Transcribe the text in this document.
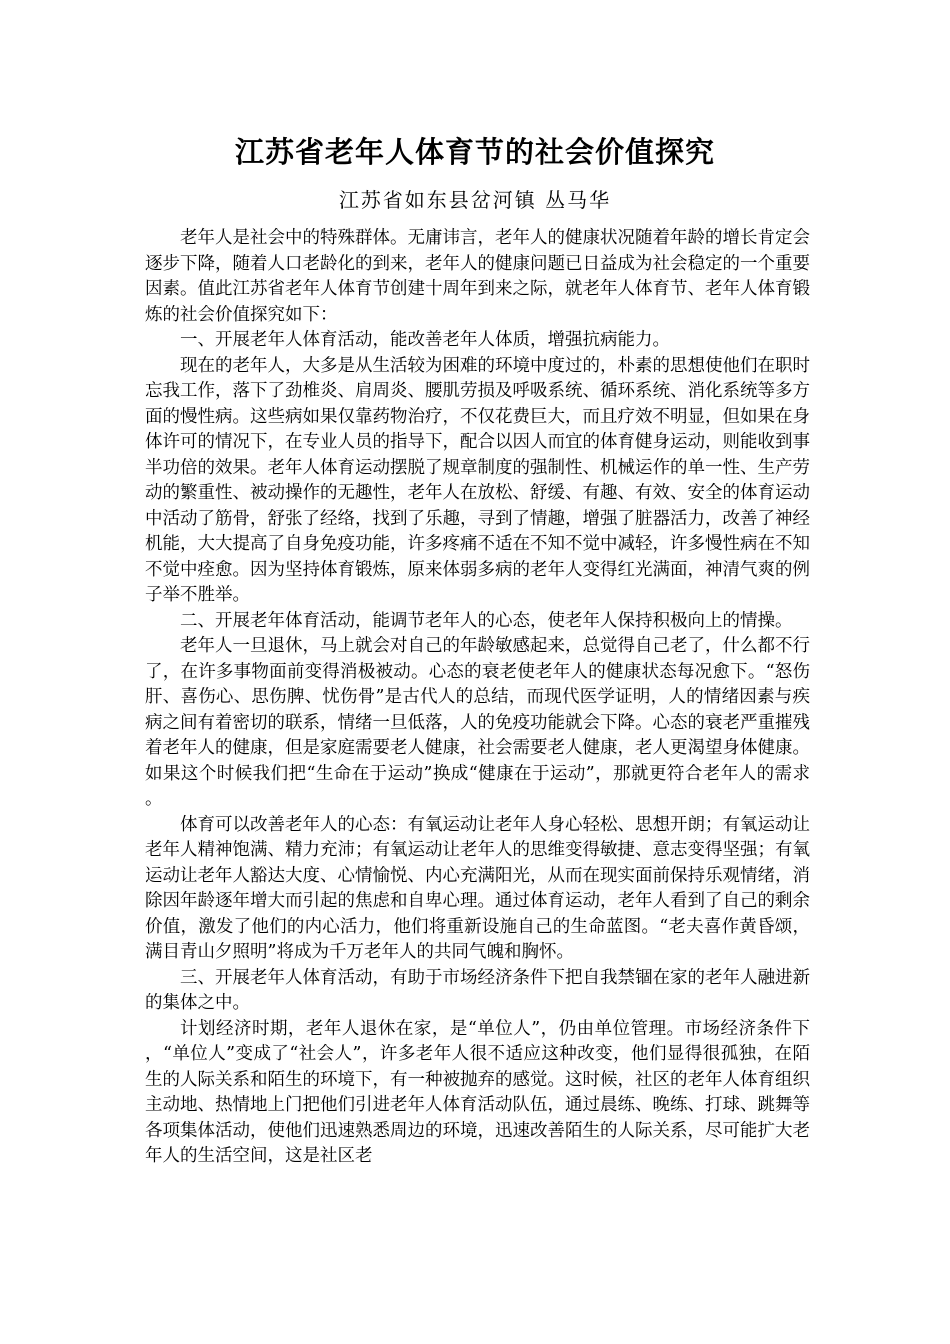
江苏省老年人体育节的社会价值探究
江苏省如东县岔河镇 丛马华

老年人是社会中的特殊群体。无庸讳言，老年人的健康状况随着年龄的增长肯定会逐步下降，随着人口老龄化的到来，老年人的健康问题已日益成为社会稳定的一个重要因素。值此江苏省老年人体育节创建十周年到来之际，就老年人体育节、老年人体育锻炼的社会价值探究如下：

一、开展老年人体育活动，能改善老年人体质，增强抗病能力。

现在的老年人，大多是从生活较为困难的环境中度过的，朴素的思想使他们在职时忘我工作，落下了劲椎炎、肩周炎、腰肌劳损及呼吸系统、循环系统、消化系统等多方面的慢性病。这些病如果仅靠药物治疗，不仅花费巨大，而且疗效不明显，但如果在身体许可的情况下，在专业人员的指导下，配合以因人而宜的体育健身运动，则能收到事半功倍的效果。老年人体育运动摆脱了规章制度的强制性、机械运作的单一性、生产劳动的繁重性、被动操作的无趣性，老年人在放松、舒缓、有趣、有效、安全的体育运动中活动了筋骨，舒张了经络，找到了乐趣，寻到了情趣，增强了脏器活力，改善了神经机能，大大提高了自身免疫功能，许多疼痛不适在不知不觉中减轻，许多慢性病在不知不觉中痊愈。因为坚持体育锻炼，原来体弱多病的老年人变得红光满面，神清气爽的例子举不胜举。

二、开展老年体育活动，能调节老年人的心态，使老年人保持积极向上的情操。

老年人一旦退休，马上就会对自己的年龄敏感起来，总觉得自己老了，什么都不行了，在许多事物面前变得消极被动。心态的衰老使老年人的健康状态每况愈下。“怒伤肝、喜伤心、思伤脾、忧伤骨”是古代人的总结，而现代医学证明，人的情绪因素与疾病之间有着密切的联系，情绪一旦低落，人的免疫功能就会下降。心态的衰老严重摧残着老年人的健康，但是家庭需要老人健康，社会需要老人健康，老人更渴望身体健康。如果这个时候我们把“生命在于运动”换成“健康在于运动”，那就更符合老年人的需求。

体育可以改善老年人的心态：有氧运动让老年人身心轻松、思想开朗；有氧运动让老年人精神饱满、精力充沛；有氧运动让老年人的思维变得敏捷、意志变得坚强；有氧运动让老年人豁达大度、心情愉悦、内心充满阳光，从而在现实面前保持乐观情绪，消除因年龄逐年增大而引起的焦虑和自卑心理。通过体育运动，老年人看到了自己的剩余价值，激发了他们的内心活力，他们将重新设施自己的生命蓝图。“老夫喜作黄昏颂，满目青山夕照明”将成为千万老年人的共同气魄和胸怀。

三、开展老年人体育活动，有助于市场经济条件下把自我禁锢在家的老年人融进新的集体之中。

计划经济时期，老年人退休在家，是“单位人”，仍由单位管理。市场经济条件下，“单位人”变成了“社会人”，许多老年人很不适应这种改变，他们显得很孤独，在陌生的人际关系和陌生的环境下，有一种被抛弃的感觉。这时候，社区的老年人体育组织主动地、热情地上门把他们引进老年人体育活动队伍，通过晨练、晚练、打球、跳舞等各项集体活动，使他们迅速熟悉周边的环境，迅速改善陌生的人际关系，尽可能扩大老年人的生活空间，这是社区老
